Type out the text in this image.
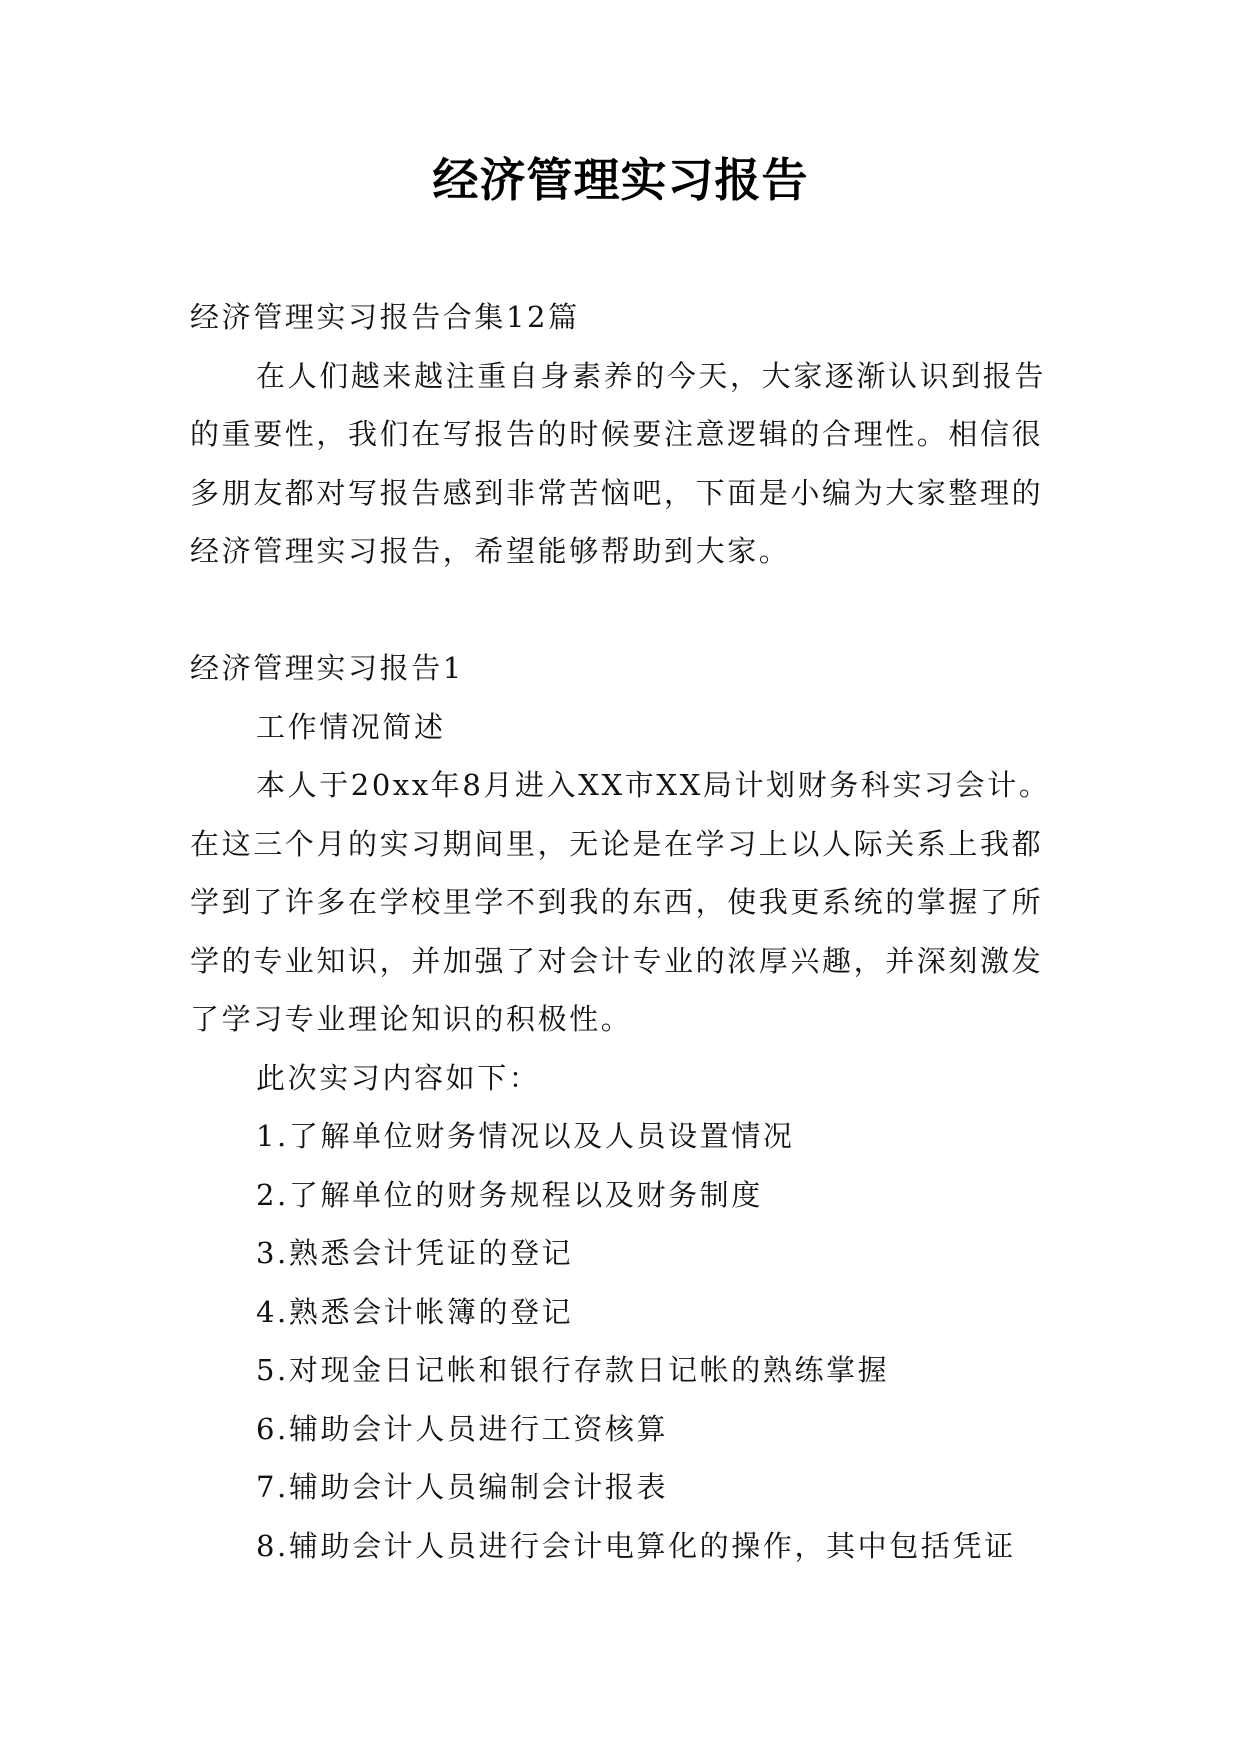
经济管理实习报告

经济管理实习报告合集12篇

在人们越来越注重自身素养的今天，大家逐渐认识到报告的重要性，我们在写报告的时候要注意逻辑的合理性。相信很多朋友都对写报告感到非常苦恼吧，下面是小编为大家整理的经济管理实习报告，希望能够帮助到大家。

经济管理实习报告1

工作情况简述

本人于20xx年8月进入XX市XX局计划财务科实习会计。在这三个月的实习期间里，无论是在学习上以人际关系上我都学到了许多在学校里学不到我的东西，使我更系统的掌握了所学的专业知识，并加强了对会计专业的浓厚兴趣，并深刻激发了学习专业理论知识的积极性。

此次实习内容如下：

1.了解单位财务情况以及人员设置情况

2.了解单位的财务规程以及财务制度

3.熟悉会计凭证的登记

4.熟悉会计帐簿的登记

5.对现金日记帐和银行存款日记帐的熟练掌握

6.辅助会计人员进行工资核算

7.辅助会计人员编制会计报表

8.辅助会计人员进行会计电算化的操作，其中包括凭证
